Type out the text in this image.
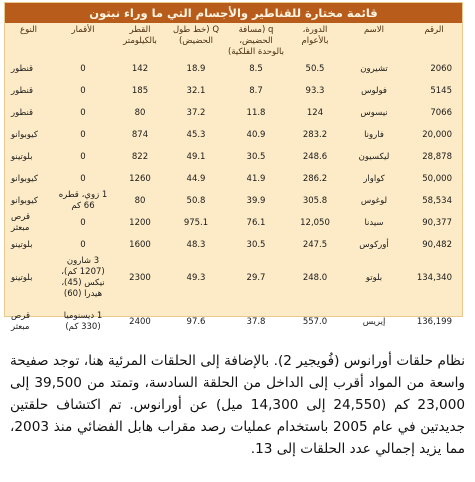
قائمة مختارة للقناطير والأجسام التي ما وراء نبتون
الرقم	الاسم	الدورة، بالأعوام	q (مسافة الحضيض، بالوحدة الفلكية)	Q (خط طول الحضيض)	القطر بالكيلومتر	الأقمار	النوع
2060	تشيرون	50.5	8.5	18.9	142	0	قنطور
5145	فولوس	93.3	8.7	32.1	185	0	قنطور
7066	نيسوس	124	11.8	37.2	80	0	قنطور
20,000	فارونا	283.2	40.9	45.3	874	0	كيوبوانو
28,878	ليكسيون	248.6	30.5	49.1	822	0	بلوتينو
50,000	كواوار	286.2	41.9	44.9	1260	0	كيوبوانو
58,534	لوغوس	305.8	39.9	50.8	80	1 زوي، قطره 66 كم	كيوبوانو
90,377	سيدنا	12,050	76.1	975.1	1200	0	قرص مبعثر
90,482	أوركوس	247.5	30.5	48.3	1600	0	بلوتينو
134,340	بلوتو	248.0	29.7	49.3	2300	3 شارون (1207 كم)، نيكس (45)، هيدرا (60)	بلوتينو
136,199	إيريس	557.0	37.8	97.6	2400	1 ديسنوميا (330 كم)	قرص مبعثر

نظام حلقات أورانوس (فُويجير 2). بالإضافة إلى الحلقات المرئية هنا، توجد صفيحة واسعة من المواد أقرب إلى الداخل من الحلقة السادسة، وتمتد من 39,500 إلى 23,000 كم (24,550 إلى 14,300 ميل) عن أورانوس. تم اكتشاف حلقتين جديدتين في عام 2005 باستخدام عمليات رصد مقراب هابل الفضائي منذ 2003، مما يزيد إجمالي عدد الحلقات إلى 13.
